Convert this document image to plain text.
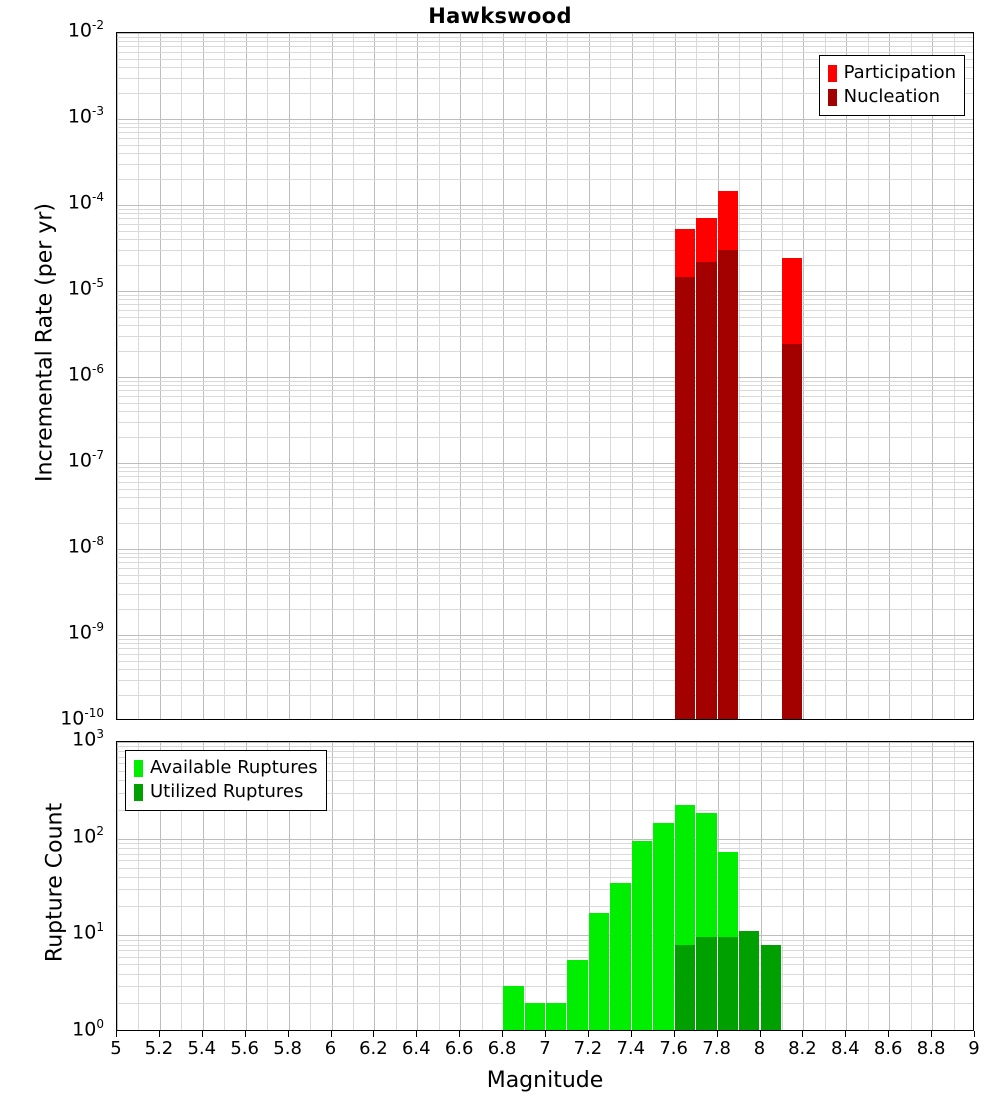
Hawkswood
Participation
Nucleation
Available Ruptures
Utilized Ruptures
Incremental Rate (per yr)
Rupture Count
Magnitude
$10^{-10}$
$10^{-9}$
$10^{-8}$
$10^{-7}$
$10^{-6}$
$10^{-5}$
$10^{-4}$
$10^{-3}$
$10^{-2}$
$10^0$
$10^1$
$10^2$
$10^3$
5	5.2 5.4 5.6 5.8	6	6.2 6.4 6.6 6.8	7	7.2 7.4 7.6 7.8	8	8.2 8.4 8.6 8.8	9
